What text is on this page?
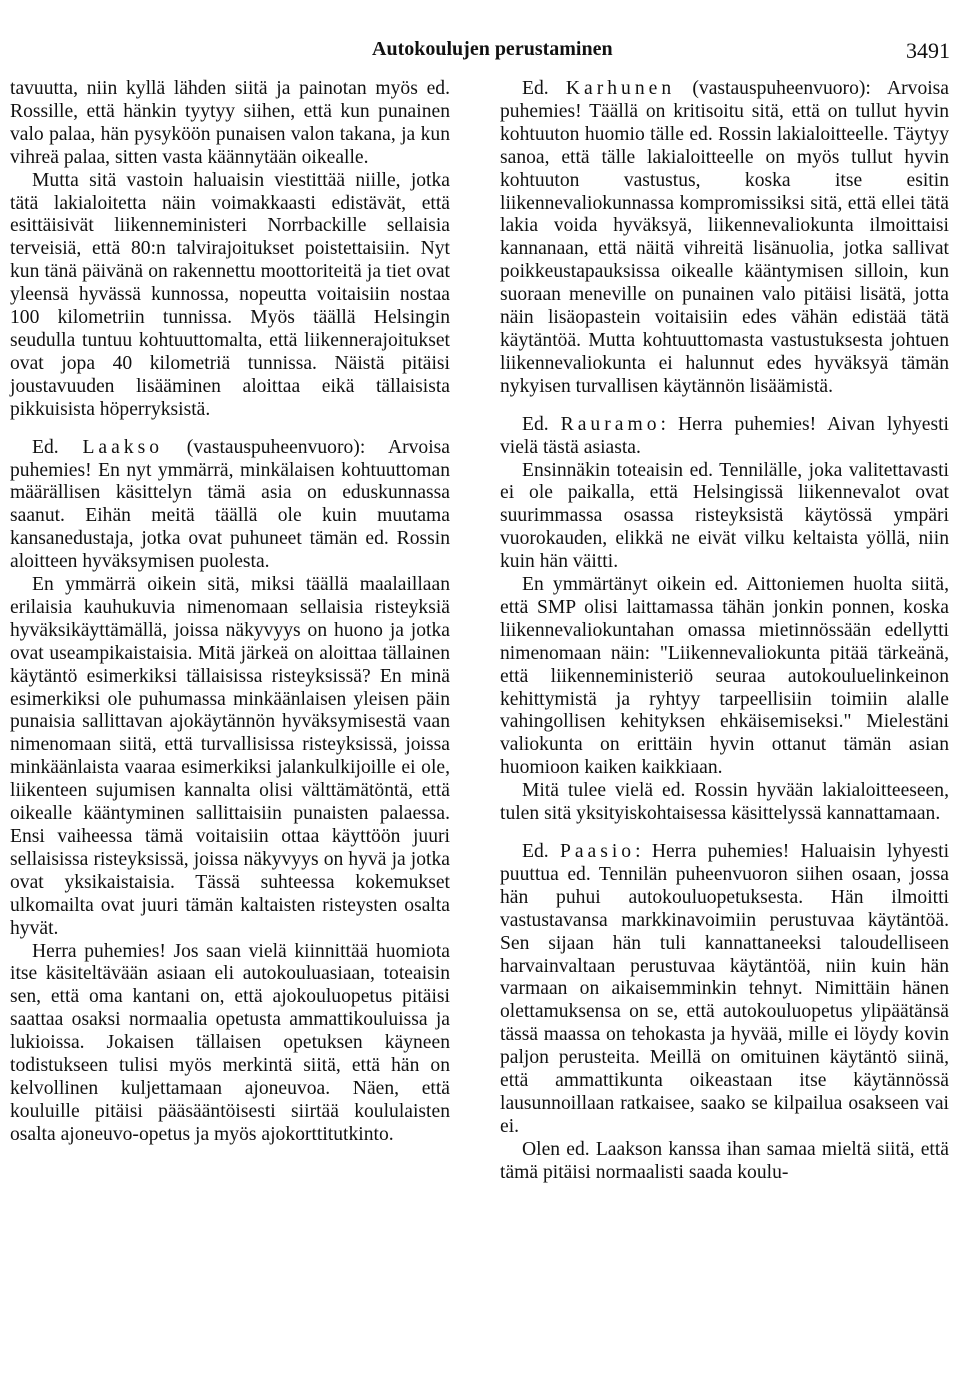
Autokoulujen perustaminen	3491

tavuutta, niin kyllä lähden siitä ja painotan myös ed. Rossille, että hänkin tyytyy siihen, että kun punainen valo palaa, hän pysyköön punaisen valon takana, ja kun vihreä palaa, sitten vasta käännytään oikealle.

Mutta sitä vastoin haluaisin viestittää niille, jotka tätä lakialoitetta näin voimakkaasti edistävät, että esittäisivät liikenneministeri Norrbackille sellaisia terveisiä, että 80:n talvirajoitukset poistettaisiin. Nyt kun tänä päivänä on rakennettu moottoriteitä ja tiet ovat yleensä hyvässä kunnossa, nopeutta voitaisiin nostaa 100 kilometriin tunnissa. Myös täällä Helsingin seudulla tuntuu kohtuuttomalta, että liikennerajoitukset ovat jopa 40 kilometriä tunnissa. Näistä pitäisi joustavuuden lisääminen aloittaa eikä tällaisista pikkuisista höperryksistä.

Ed. Laakso (vastauspuheenvuoro): Arvoisa puhemies! En nyt ymmärrä, minkälaisen kohtuuttoman määrällisen käsittelyn tämä asia on eduskunnassa saanut. Eihän meitä täällä ole kuin muutama kansanedustaja, jotka ovat puhuneet tämän ed. Rossin aloitteen hyväksymisen puolesta.

En ymmärrä oikein sitä, miksi täällä maalaillaan erilaisia kauhukuvia nimenomaan sellaisia risteyksiä hyväksikäyttämällä, joissa näkyvyys on huono ja jotka ovat useampikaistaisia. Mitä järkeä on aloittaa tällainen käytäntö esimerkiksi tällaisissa risteyksissä? En minä esimerkiksi ole puhumassa minkäänlaisen yleisen päin punaisia sallittavan ajokäytännön hyväksymisestä vaan nimenomaan siitä, että turvallisissa risteyksissä, joissa minkäänlaista vaaraa esimerkiksi jalankulkijoille ei ole, liikenteen sujumisen kannalta olisi välttämätöntä, että oikealle kääntyminen sallittaisiin punaisten palaessa. Ensi vaiheessa tämä voitaisiin ottaa käyttöön juuri sellaisissa risteyksissä, joissa näkyvyys on hyvä ja jotka ovat yksikaistaisia. Tässä suhteessa kokemukset ulkomailta ovat juuri tämän kaltaisten risteysten osalta hyvät.

Herra puhemies! Jos saan vielä kiinnittää huomiota itse käsiteltävään asiaan eli autokouluasiaan, toteaisin sen, että oma kantani on, että ajokouluopetus pitäisi saattaa osaksi normaalia opetusta ammattikouluissa ja lukioissa. Jokaisen tällaisen opetuksen käyneen todistukseen tulisi myös merkintä siitä, että hän on kelvollinen kuljettamaan ajoneuvoa. Näen, että kouluille pitäisi pääsääntöisesti siirtää koululaisten osalta ajoneuvo-opetus ja myös ajokorttitutkinto.

Ed. Karhunen (vastauspuheenvuoro): Arvoisa puhemies! Täällä on kritisoitu sitä, että on tullut hyvin kohtuuton huomio tälle ed. Rossin lakialoitteelle. Täytyy sanoa, että tälle lakialoitteelle on myös tullut hyvin kohtuuton vastustus, koska itse esitin liikennevaliokunnassa kompromissiksi sitä, että ellei tätä lakia voida hyväksyä, liikennevaliokunta ilmoittaisi kannanaan, että näitä vihreitä lisänuolia, jotka sallivat poikkeustapauksissa oikealle kääntymisen silloin, kun suoraan meneville on punainen valo pitäisi lisätä, jotta näin lisäopastein voitaisiin edes vähän edistää tätä käytäntöä. Mutta kohtuuttomasta vastustuksesta johtuen liikennevaliokunta ei halunnut edes hyväksyä tämän nykyisen turvallisen käytännön lisäämistä.

Ed. Rauramo: Herra puhemies! Aivan lyhyesti vielä tästä asiasta.

Ensinnäkin toteaisin ed. Tennilälle, joka valitettavasti ei ole paikalla, että Helsingissä liikennevalot ovat suurimmassa osassa risteyksistä käytössä ympäri vuorokauden, elikkä ne eivät vilku keltaista yöllä, niin kuin hän väitti.

En ymmärtänyt oikein ed. Aittoniemen huolta siitä, että SMP olisi laittamassa tähän jonkin ponnen, koska liikennevaliokuntahan omassa mietinnössään edellytti nimenomaan näin: "Liikennevaliokunta pitää tärkeänä, että liikenneministeriö seuraa autokouluelinkeinon kehittymistä ja ryhtyy tarpeellisiin toimiin alalle vahingollisen kehityksen ehkäisemiseksi." Mielestäni valiokunta on erittäin hyvin ottanut tämän asian huomioon kaiken kaikkiaan.

Mitä tulee vielä ed. Rossin hyvään lakialoitteeseen, tulen sitä yksityiskohtaisessa käsittelyssä kannattamaan.

Ed. Paasio: Herra puhemies! Haluaisin lyhyesti puuttua ed. Tennilän puheenvuoron siihen osaan, jossa hän puhui autokouluopetuksesta. Hän ilmoitti vastustavansa markkinavoimiin perustuvaa käytäntöä. Sen sijaan hän tuli kannattaneeksi taloudelliseen harvainvaltaan perustuvaa käytäntöä, niin kuin hän varmaan on aikaisemminkin tehnyt. Nimittäin hänen olettamuksensa on se, että autokouluopetus ylipäätänsä tässä maassa on tehokasta ja hyvää, mille ei löydy kovin paljon perusteita. Meillä on omituinen käytäntö siinä, että ammattikunta oikeastaan itse käytännössä lausunnoillaan ratkaisee, saako se kilpailua osakseen vai ei.

Olen ed. Laakson kanssa ihan samaa mieltä siitä, että tämä pitäisi normaalisti saada koulu-
